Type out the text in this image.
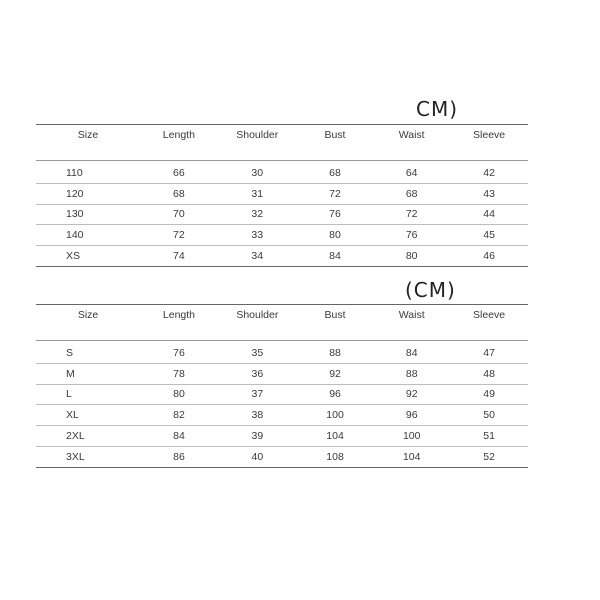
CM)
Size	Length	Shoulder	Bust	Waist	Sleeve
110	66	30	68	64	42
120	68	31	72	68	43
130	70	32	76	72	44
140	72	33	80	76	45
XS	74	34	84	80	46
(CM)
Size	Length	Shoulder	Bust	Waist	Sleeve
S	76	35	88	84	47
M	78	36	92	88	48
L	80	37	96	92	49
XL	82	38	100	96	50
2XL	84	39	104	100	51
3XL	86	40	108	104	52
